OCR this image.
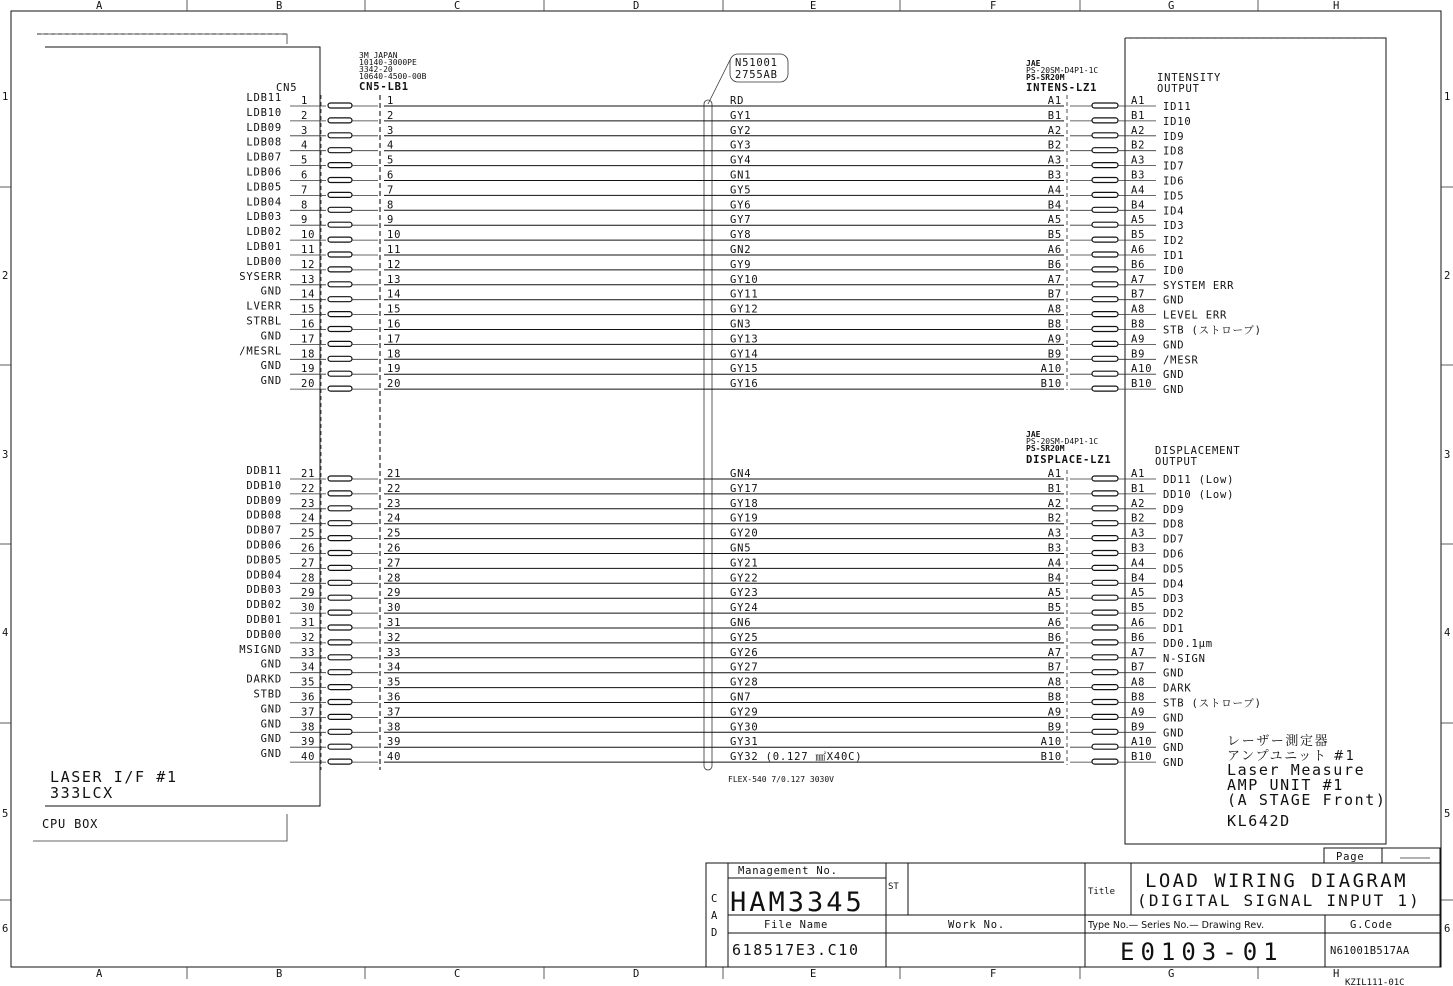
A
A
B
B
C
C
D
D
E
E
F
F
G
G
H
H
1	1
2	2
3	3
4	4
5	5
6	6
LASER I/F #1
333LCX
CPU BOX
CN5
3M JAPAN
10140-3000PE
3342-20
10640-4500-00B
CN5-LB1
N51001
2755AB
FLEX-540 7/0.127 3030V
JAE
PS-20SM-D4P1-1C
PS-SR20M
INTENS-LZ1
JAE
PS-20SM-D4P1-1C
PS-SR20M
DISPLACE-LZ1
INTENSITY
OUTPUT
DISPLACEMENT
OUTPUT
レーザー測定器
アンプユニット #1
Laser Measure
AMP UNIT #1
(A STAGE Front)
KL642D
LDB11 1	1	RD	A1	A1 ID11
LDB10 2	2	GY1	B1	B1 ID10
LDB09 3	3	GY2	A2	A2 ID9
LDB08 4	4	GY3	B2	B2 ID8
LDB07 5	5	GY4	A3	A3 ID7
LDB06 6	6	GN1	B3	B3 ID6
LDB05 7	7	GY5	A4	A4 ID5
LDB04 8	8	GY6	B4	B4 ID4
LDB03 9	9	GY7	A5	A5 ID3
LDB02 10	10	GY8	B5	B5 ID2
LDB01 11	11	GN2	A6	A6 ID1
LDB00 12	12	GY9	B6	B6 ID0
SYSERR 13	13	GY10	A7	A7 SYSTEM ERR
GND 14	14	GY11	B7	B7 GND
LVERR 15	15	GY12	A8	A8 LEVEL ERR
STRBL 16	16	GN3	B8	B8 STB (ストローブ)
GND 17	17	GY13	A9	A9 GND
/MESRL 18	18	GY14	B9	B9 /MESR
GND 19	19	GY15	A10	A10 GND
GND 20	20	GY16	B10	B10 GND
DDB11 21	21	GN4	A1	A1 DD11 (Low)
DDB10 22	22	GY17	B1	B1 DD10 (Low)
DDB09 23	23	GY18	A2	A2 DD9
DDB08 24	24	GY19	B2	B2 DD8
DDB07 25	25	GY20	A3	A3 DD7
DDB06 26	26	GN5	B3	B3 DD6
DDB05 27	27	GY21	A4	A4 DD5
DDB04 28	28	GY22	B4	B4 DD4
DDB03 29	29	GY23	A5	A5 DD3
DDB02 30	30	GY24	B5	B5 DD2
DDB01 31	31	GN6	A6	A6 DD1
DDB00 32	32	GY25	B6	B6 DD0.1μm
MSIGND 33	33	GY26	A7	A7 N-SIGN
GND 34	34	GY27	B7	B7 GND
DARKD 35	35	GY28	A8	A8 DARK
STBD 36	36	GN7	B8	B8 STB (ストローブ)
GND 37	37	GY29	A9	A9 GND
GND 38	38	GY30	B9	B9 GND
GND 39	39	GY31	A10	A10 GND
GND 40	40	GY32 (0.127 ㎟X40C)	B10	B10 GND
Page
C
A
D
Management No.
HAM3345	ST	Title LOAD WIRING DIAGRAM
(DIGITAL SIGNAL INPUT 1)
File Name	Work No.	Type No.— Series No.— Drawing Rev.	G.Code
618517E3.C10	E0103-01	N61001B517AA
KZIL111-01C
